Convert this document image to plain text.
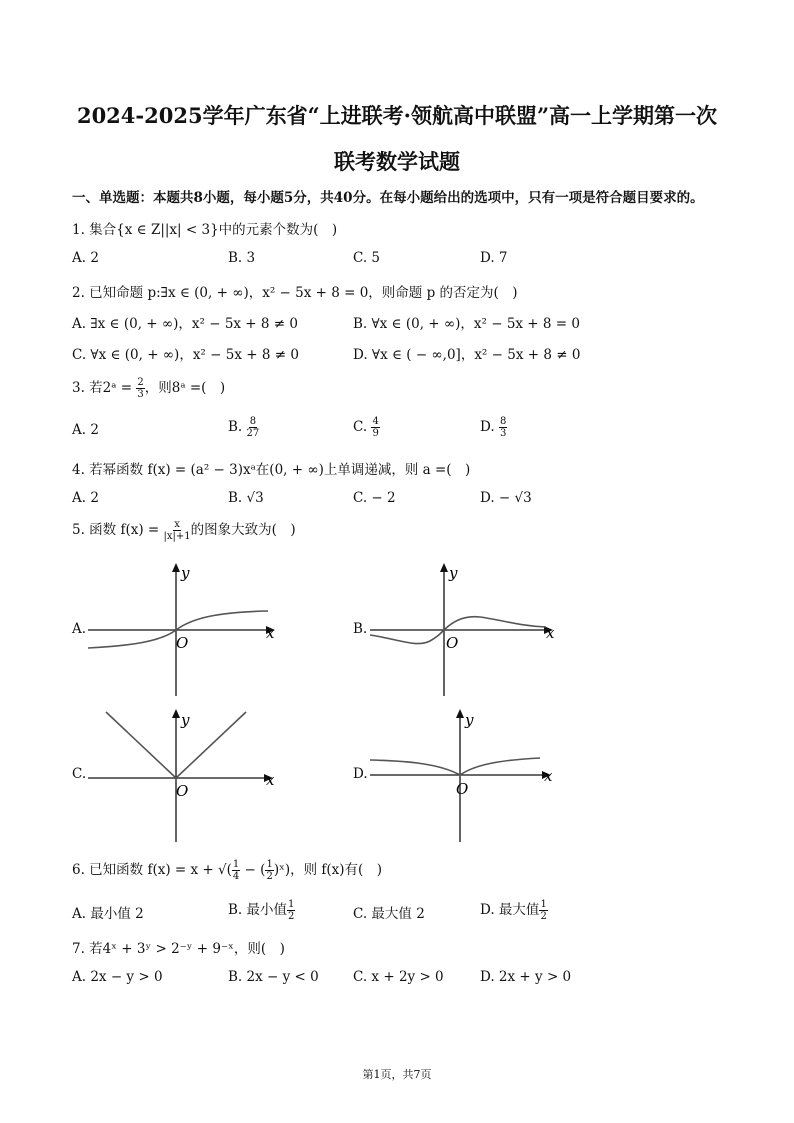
2024-2025学年广东省“上进联考·领航高中联盟”高一上学期第一次
联考数学试题
一、单选题：本题共8小题，每小题5分，共40分。在每小题给出的选项中，只有一项是符合题目要求的。
1. 集合{x ∈ Z||x| < 3}中的元素个数为(　)
A. 2	B. 3	C. 5	D. 7
2. 已知命题 p:∃x ∈ (0, + ∞)，x² − 5x + 8 = 0，则命题 p 的否定为(　)
A. ∃x ∈ (0, + ∞)，x² − 5x + 8 ≠ 0	B. ∀x ∈ (0, + ∞)，x² − 5x + 8 = 0
C. ∀x ∈ (0, + ∞)，x² − 5x + 8 ≠ 0	D. ∀x ∈ ( − ∞,0]，x² − 5x + 8 ≠ 0
3. 若2ᵃ = $\frac{2}{3}$ ，则8ᵃ =(　)
A. 2	B. $\frac{8}{27}$	C. $\frac{4}{9}$	D. $\frac{8}{3}$
4. 若幂函数 f(x) = (a² − 3)xᵃ在(0, + ∞)上单调递减，则 a =(　)
A. 2	B. √3	C. − 2	D. − √3
5. 函数 $f(x) = \frac{x}{|x|+1}$ 的图象大致为(　)
A.	x
y
O
B.	x
y
O
C.	x
y
O
D.	x
y
O
6. 已知函数 f(x) = x + √( $\frac{1}{4}$ − ( $\frac{1}{2}$ )ˣ)，则 f(x)有(　)
A. 最小值 2	B. 最小值 $\frac{1}{2}$	C. 最大值 2	D. 最大值 $\frac{1}{2}$
7. 若4ˣ + 3ʸ > 2⁻ʸ + 9⁻ˣ，则(　)
A. 2x − y > 0	B. 2x − y < 0	C. x + 2y > 0	D. 2x + y > 0
第1页，共7页
